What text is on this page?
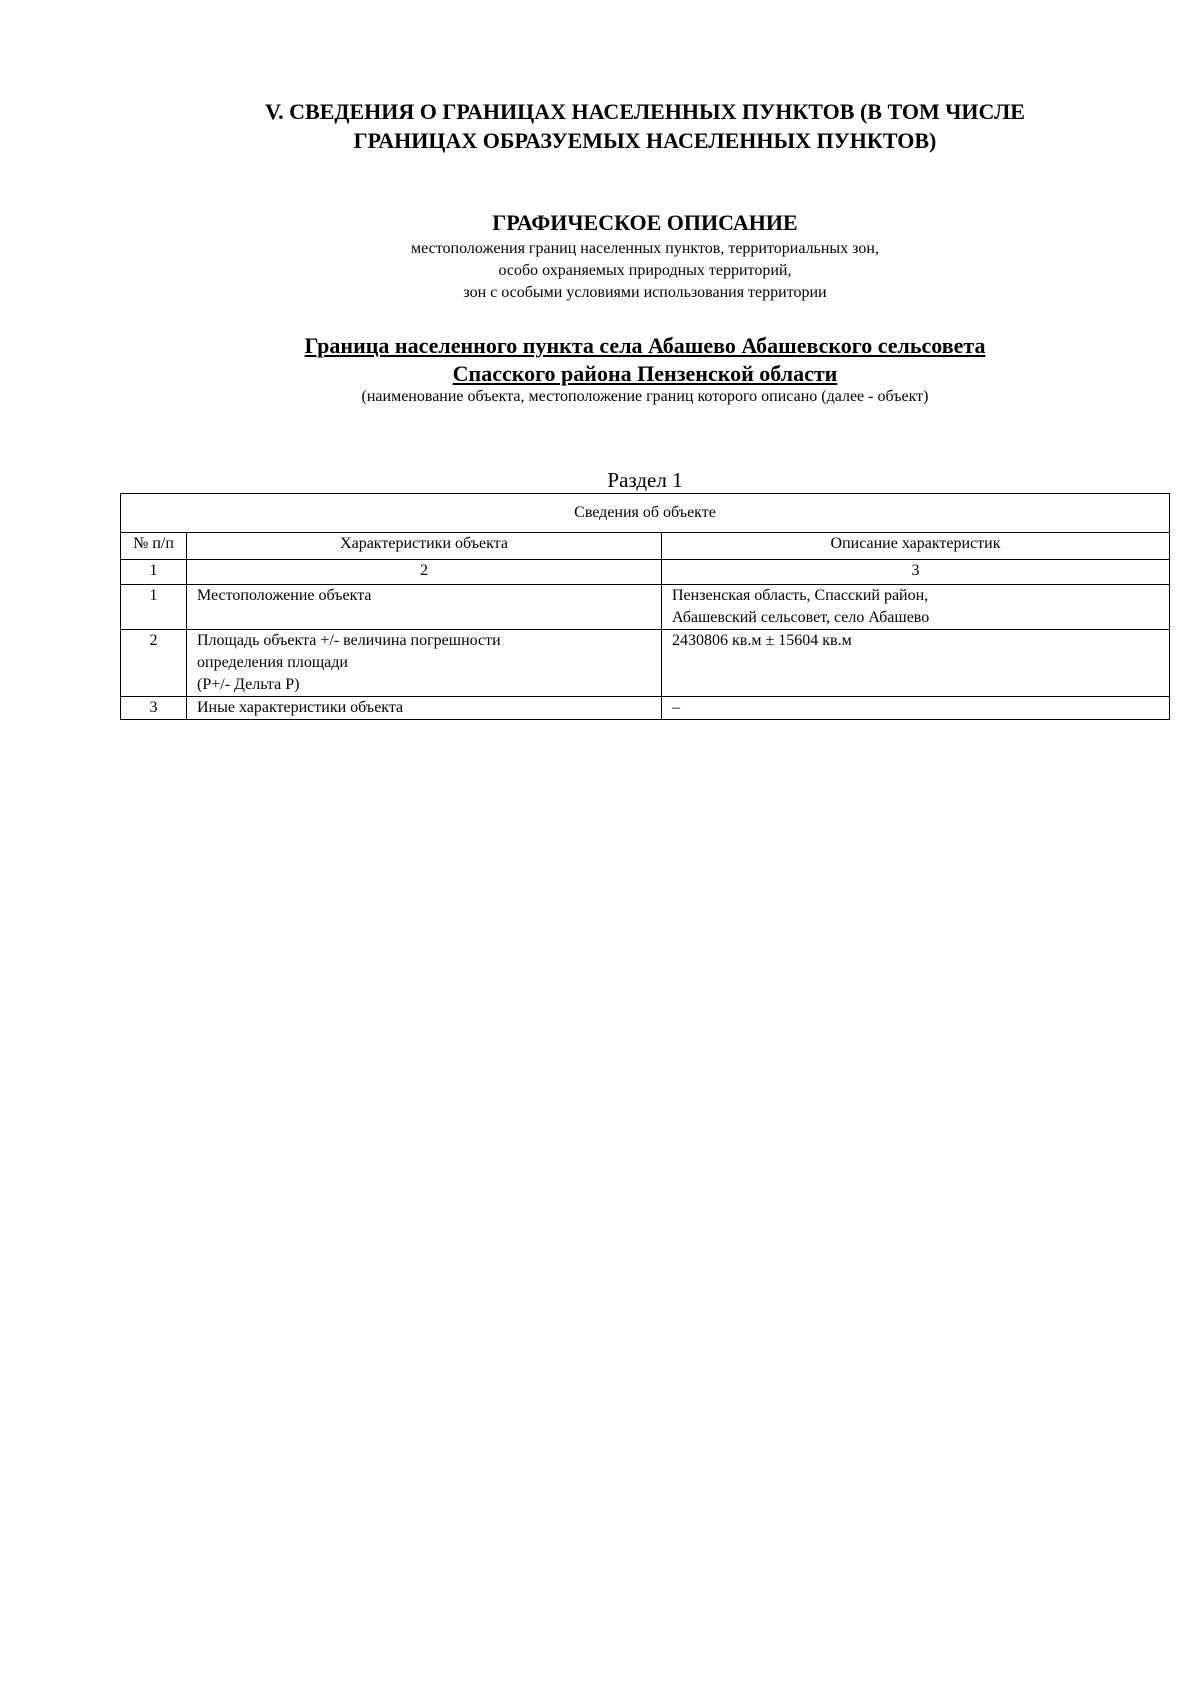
V. СВЕДЕНИЯ О ГРАНИЦАХ НАСЕЛЕННЫХ ПУНКТОВ (В ТОМ ЧИСЛЕ
ГРАНИЦАХ ОБРАЗУЕМЫХ НАСЕЛЕННЫХ ПУНКТОВ)
ГРАФИЧЕСКОЕ ОПИСАНИЕ
местоположения границ населенных пунктов, территориальных зон,
особо охраняемых природных территорий,
зон с особыми условиями использования территории
Граница населенного пункта села Абашево Абашевского сельсовета
Спасского района Пензенской области
(наименование объекта, местоположение границ которого описано (далее - объект)
Раздел 1
Сведения об объекте		
№ п/п	Характеристики объекта	Описание характеристик
1	2	3
1	Местоположение объекта	Пензенская область, Спасский район,
Абашевский сельсовет, село Абашево

2	Площадь объекта +/- величина погрешности
определения площади
(P+/- Дельта P)	2430806 кв.м ± 15604 кв.м

3	Иные характеристики объекта	–
